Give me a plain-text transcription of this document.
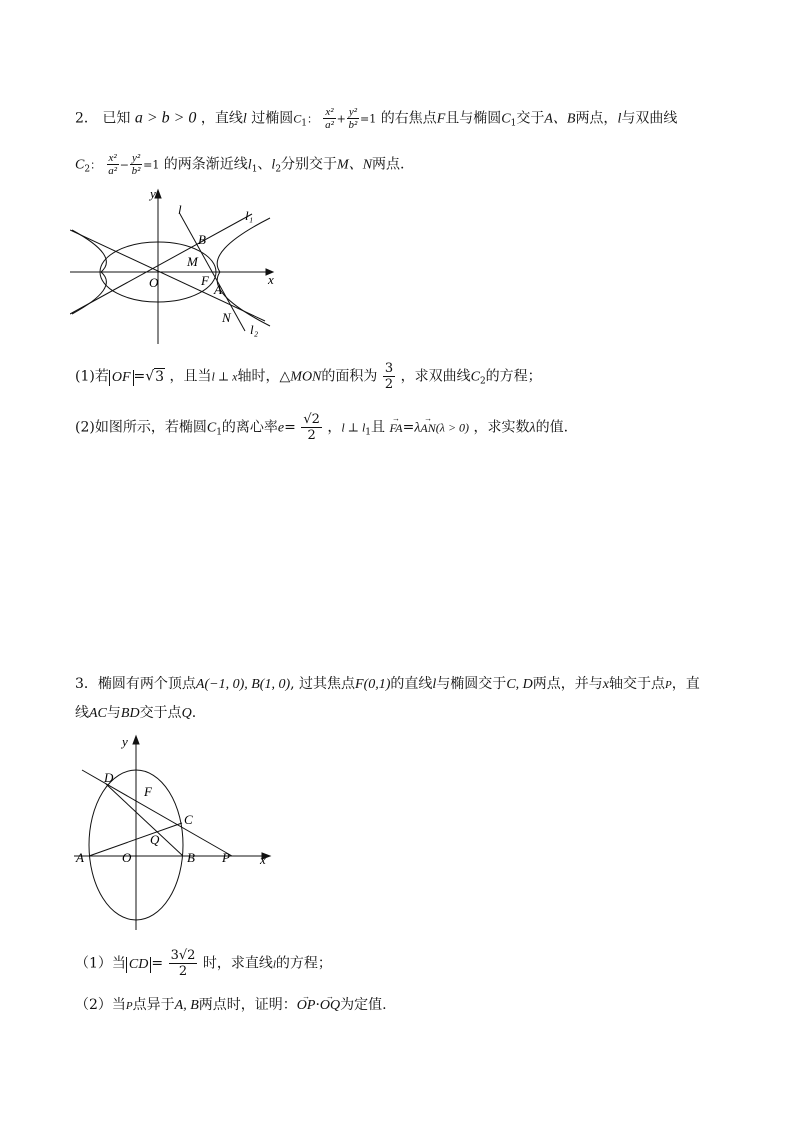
2． 已知 a > b > 0 ，直线l 过椭圆$C_1$： $\frac{\text{x²}}{\text{a²}} + \frac{\text{y²}}{\text{b²}} =1$ 的右焦点F且与椭圆$C_1$交于A、B两点，l与双曲线
$C_2$： $\frac{\text{x²}}{\text{a²}} - \frac{\text{y²}}{\text{b²}} =1$ 的两条渐近线$l_1$、$l_2$分别交于M、N两点.
y
x
l	l₁
l₂
B
M
O	F
A
N
(1)若 OF =√3 ，且当l ⊥ x轴时，△MON的面积为 $\frac{3}{2}$ ，求双曲线$C_2$的方程；
(2)如图所示，若椭圆$C_1$的离心率$e= \frac{√2}{2}$ ，l ⊥ $l_1$且 → FA=λ→ AN(λ > 0) ，求实数λ的值.
3．椭圆有两个顶点A(−1, 0), B(1, 0), 过其焦点F(0,1)的直线l与椭圆交于C, D两点，并与x轴交于点P，直
线AC与BD交于点Q.
y
x
D
F
C
Q
A	O	B P
（1）当 CD = $\frac{3√2}{2}$ 时，求直线l的方程；
（2）当P点异于A, B两点时，证明：→ OP·→ OQ为定值.
